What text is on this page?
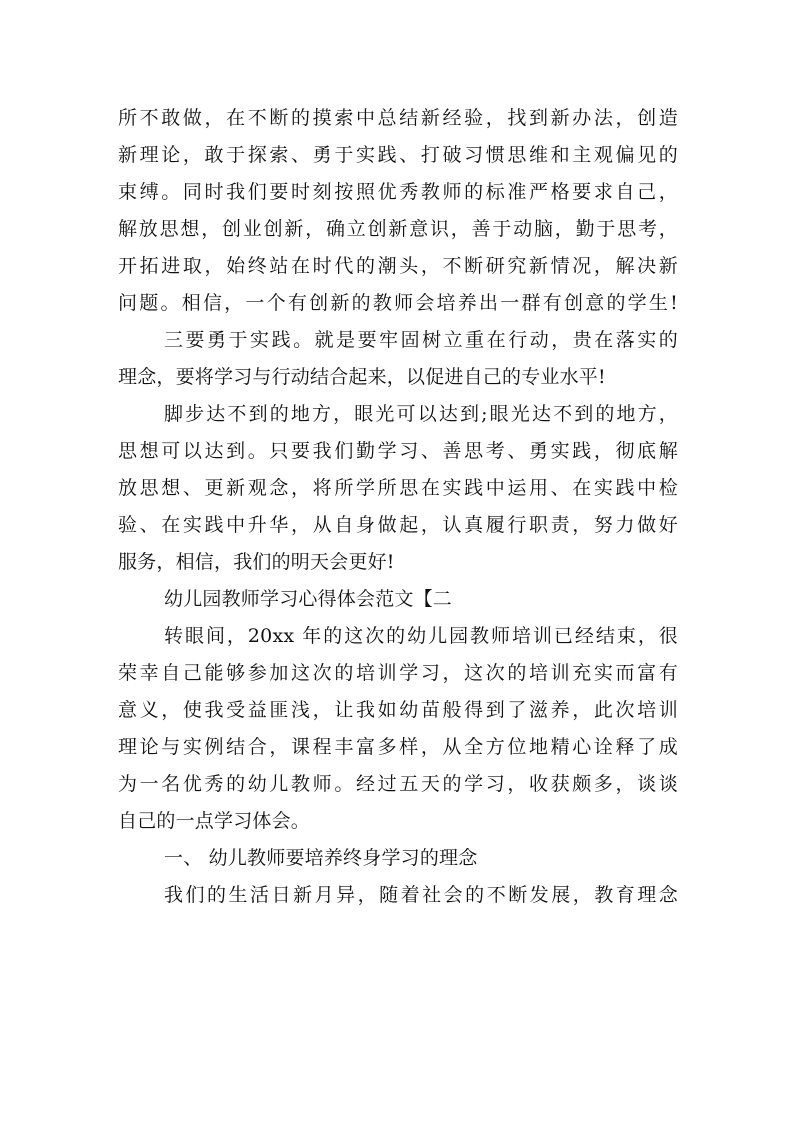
所不敢做，在不断的摸索中总结新经验，找到新办法，创造
新理论，敢于探索、勇于实践、打破习惯思维和主观偏见的
束缚。同时我们要时刻按照优秀教师的标准严格要求自己，
解放思想，创业创新，确立创新意识，善于动脑，勤于思考，
开拓进取，始终站在时代的潮头，不断研究新情况，解决新
问题。相信，一个有创新的教师会培养出一群有创意的学生!
三要勇于实践。就是要牢固树立重在行动，贵在落实的
理念，要将学习与行动结合起来，以促进自己的专业水平!
脚步达不到的地方，眼光可以达到;眼光达不到的地方，
思想可以达到。只要我们勤学习、善思考、勇实践，彻底解
放思想、更新观念，将所学所思在实践中运用、在实践中检
验、在实践中升华，从自身做起，认真履行职责，努力做好
服务，相信，我们的明天会更好!
幼儿园教师学习心得体会范文【二
转眼间，20xx 年的这次的幼儿园教师培训已经结束，很
荣幸自己能够参加这次的培训学习，这次的培训充实而富有
意义，使我受益匪浅，让我如幼苗般得到了滋养，此次培训
理论与实例结合，课程丰富多样，从全方位地精心诠释了成
为一名优秀的幼儿教师。经过五天的学习，收获颇多，谈谈
自己的一点学习体会。
一、 幼儿教师要培养终身学习的理念
我们的生活日新月异，随着社会的不断发展，教育理念
